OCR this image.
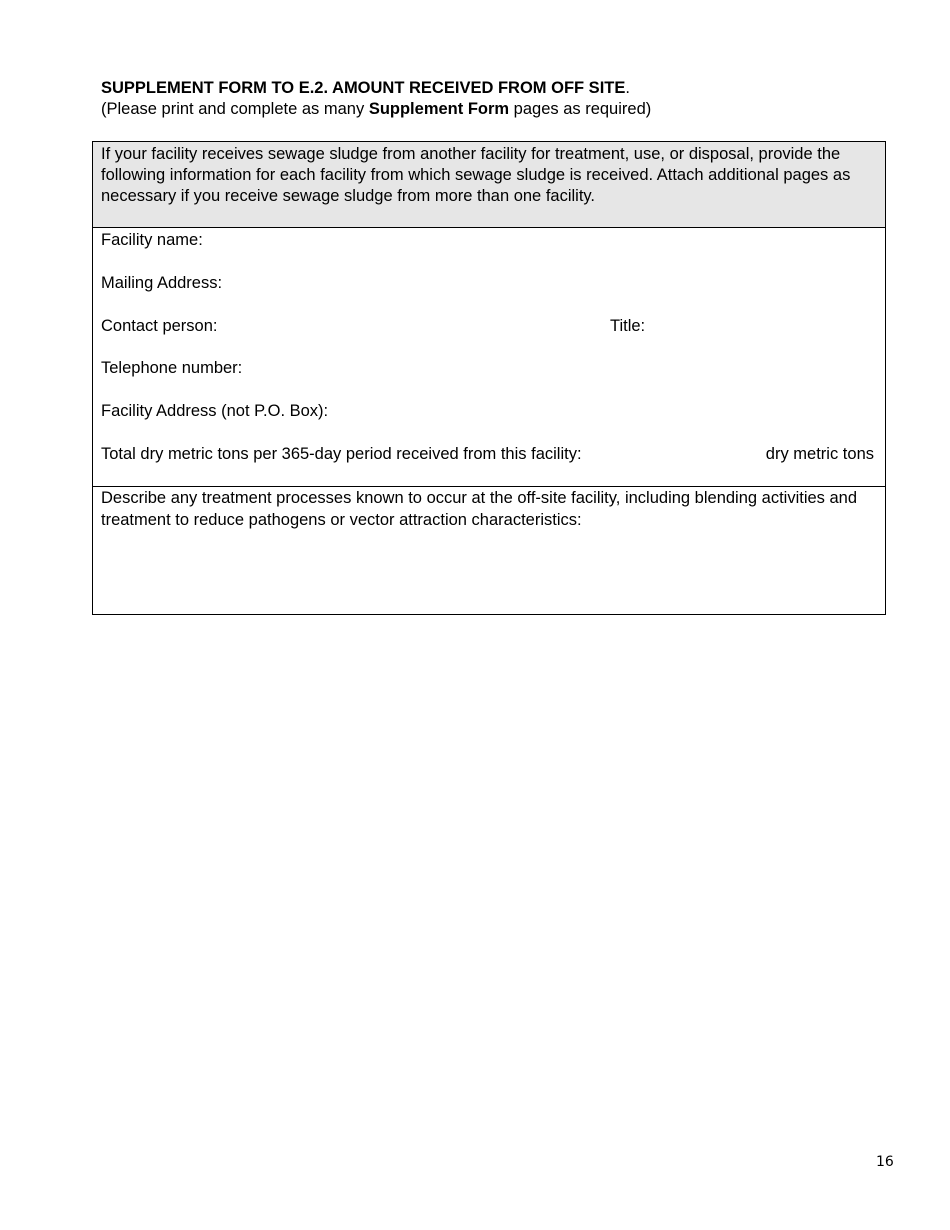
SUPPLEMENT FORM TO E.2. AMOUNT RECEIVED FROM OFF SITE.
(Please print and complete as many Supplement Form pages as required)
If your facility receives sewage sludge from another facility for treatment, use, or disposal, provide the following information for each facility from which sewage sludge is received. Attach additional pages as necessary if you receive sewage sludge from more than one facility.
Facility name:
Mailing Address:
Contact person:	Title:
Telephone number:
Facility Address (not P.O. Box):
Total dry metric tons per 365-day period received from this facility:	dry metric tons
Describe any treatment processes known to occur at the off-site facility, including blending activities and treatment to reduce pathogens or vector attraction characteristics:
16
